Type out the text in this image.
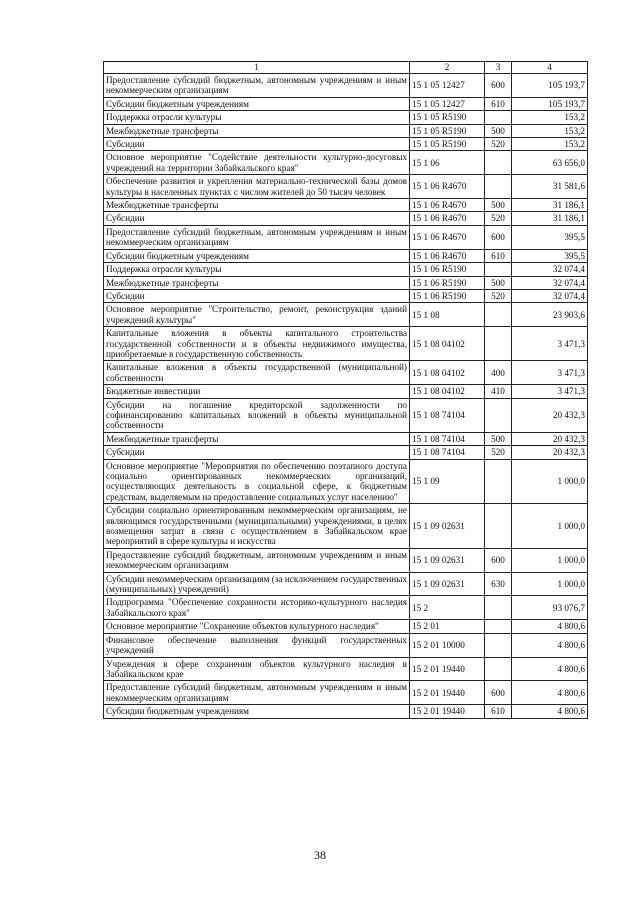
1	2	3	4
Предоставление субсидий бюджетным, автономным учреждениям и иным некоммерческим организациям	15 1 05 12427	600	105 193,7
Субсидии бюджетным учреждениям	15 1 05 12427	610	105 193,7
Поддержка отрасли культуры	15 1 05 R5190		153,2
Межбюджетные трансферты	15 1 05 R5190	500	153,2
Субсидии	15 1 05 R5190	520	153,2
Основное мероприятие "Содействие деятельности культурно-досуговых учреждений на территории Забайкальского края"	15 1 06		63 656,0
Обеспечение развития и укрепления материально-технической базы домов культуры в населенных пунктах с числом жителей до 50 тысяч человек	15 1 06 R4670		31 581,6
Межбюджетные трансферты	15 1 06 R4670	500	31 186,1
Субсидии	15 1 06 R4670	520	31 186,1
Предоставление субсидий бюджетным, автономным учреждениям и иным некоммерческим организациям	15 1 06 R4670	600	395,5
Субсидии бюджетным учреждениям	15 1 06 R4670	610	395,5
Поддержка отрасли культуры	15 1 06 R5190		32 074,4
Межбюджетные трансферты	15 1 06 R5190	500	32 074,4
Субсидии	15 1 06 R5190	520	32 074,4
Основное мероприятие "Строительство, ремонт, реконструкция зданий учреждений культуры"	15 1 08		23 903,6
Капитальные вложения в объекты капитального строительства государственной собственности и в объекты недвижимого имущества, приобретаемые в государственную собственность	15 1 08 04102		3 471,3
Капитальные вложения в объекты государственной (муниципальной) собственности	15 1 08 04102	400	3 471,3
Бюджетные инвестиции	15 1 08 04102	410	3 471,3
Субсидии на погашение кредиторской задолженности по софинансированию капитальных вложений в объекты муниципальной собственности	15 1 08 74104		20 432,3
Межбюджетные трансферты	15 1 08 74104	500	20 432,3
Субсидии	15 1 08 74104	520	20 432,3
Основное мероприятие "Мероприятия по обеспечению поэтапного доступа социально ориентированных некоммерческих организаций, осуществляющих деятельность в социальной сфере, к бюджетным средствам, выделяемым на предоставление социальных услуг населению"	15 1 09		1 000,0
Субсидии социально ориентированным некоммерческим организациям, не являющимся государственными (муниципальными) учреждениями, в целях возмещения затрат в связи с осуществлением в Забайкальском крае мероприятий в сфере культуры и искусства	15 1 09 02631		1 000,0
Предоставление субсидий бюджетным, автономным учреждениям и иным некоммерческим организациям	15 1 09 02631	600	1 000,0
Субсидии некоммерческим организациям (за исключением государственных (муниципальных) учреждений)	15 1 09 02631	630	1 000,0
Подпрограмма "Обеспечение сохранности историко-культурного наследия Забайкальского края"	15 2		93 076,7
Основное мероприятие "Сохранение объектов культурного наследия"	15 2 01		4 800,6
Финансовое обеспечение выполнения функций государственных учреждений	15 2 01 10000		4 800,6
Учреждения в сфере сохранения объектов культурного наследия в Забайкальском крае	15 2 01 19440		4 800,6
Предоставление субсидий бюджетным, автономным учреждениям и иным некоммерческим организациям	15 2 01 19440	600	4 800,6
Субсидии бюджетным учреждениям	15 2 01 19440	610	4 800,6
38
